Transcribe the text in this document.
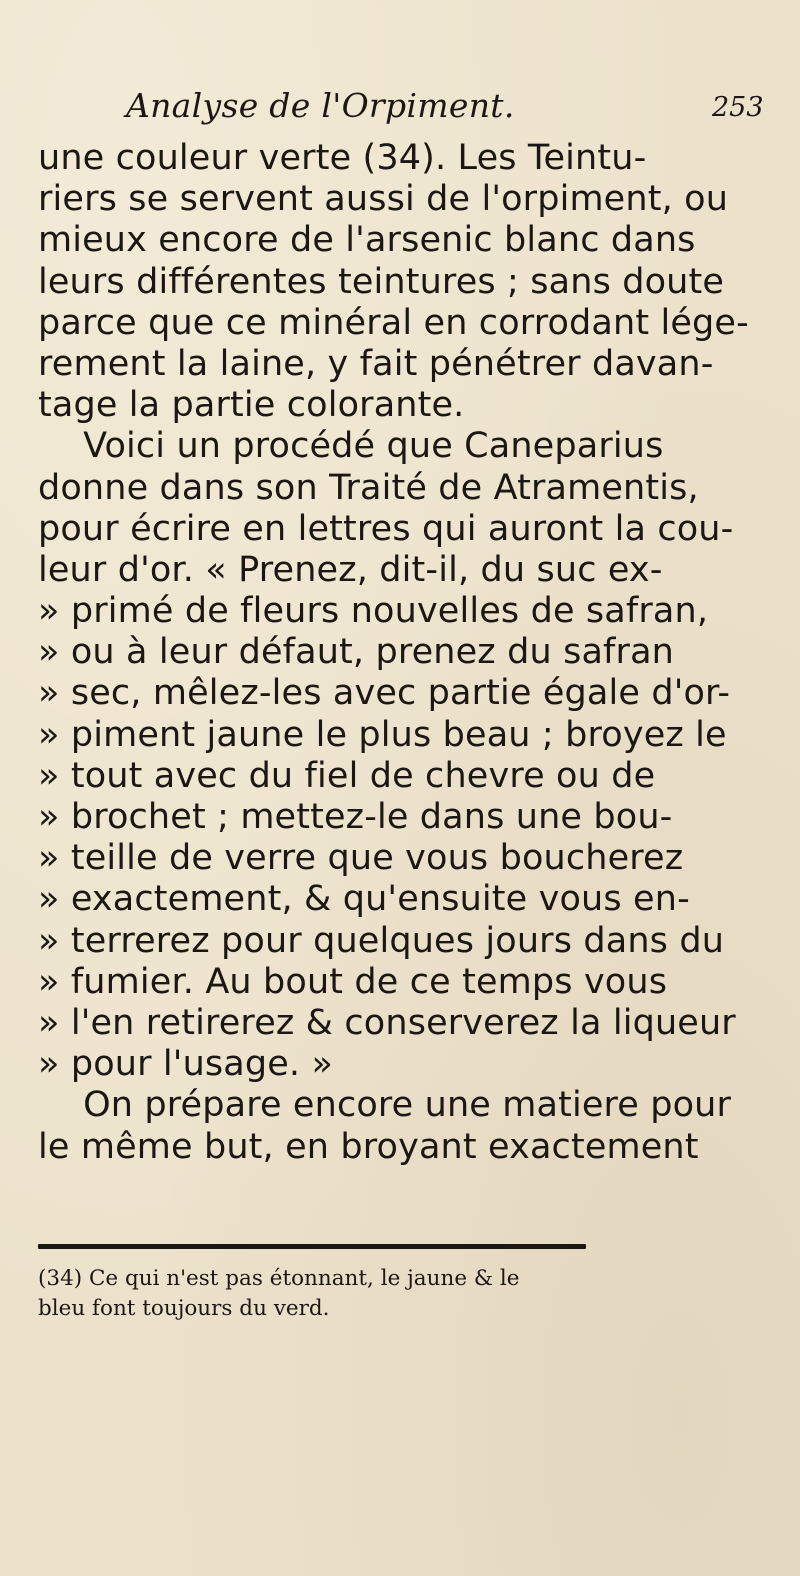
Analyse de l'Orpiment.	253
une couleur verte (34). Les Teintu-
riers se servent aussi de l'orpiment, ou
mieux encore de l'arsenic blanc dans
leurs différentes teintures ; sans doute
parce que ce minéral en corrodant lége-
rement la laine, y fait pénétrer davan-
tage la partie colorante.
Voici un procédé que Caneparius
donne dans son Traité de Atramentis,
pour écrire en lettres qui auront la cou-
leur d'or. « Prenez, dit-il, du suc ex-
» primé de fleurs nouvelles de safran,
» ou à leur défaut, prenez du safran
» sec, mêlez-les avec partie égale d'or-
» piment jaune le plus beau ; broyez le
» tout avec du fiel de chevre ou de
» brochet ; mettez-le dans une bou-
» teille de verre que vous boucherez
» exactement, & qu'ensuite vous en-
» terrerez pour quelques jours dans du
» fumier. Au bout de ce temps vous
» l'en retirerez & conserverez la liqueur
» pour l'usage. »
On prépare encore une matiere pour
le même but, en broyant exactement
(34) Ce qui n'est pas étonnant, le jaune & le
bleu font toujours du verd.
